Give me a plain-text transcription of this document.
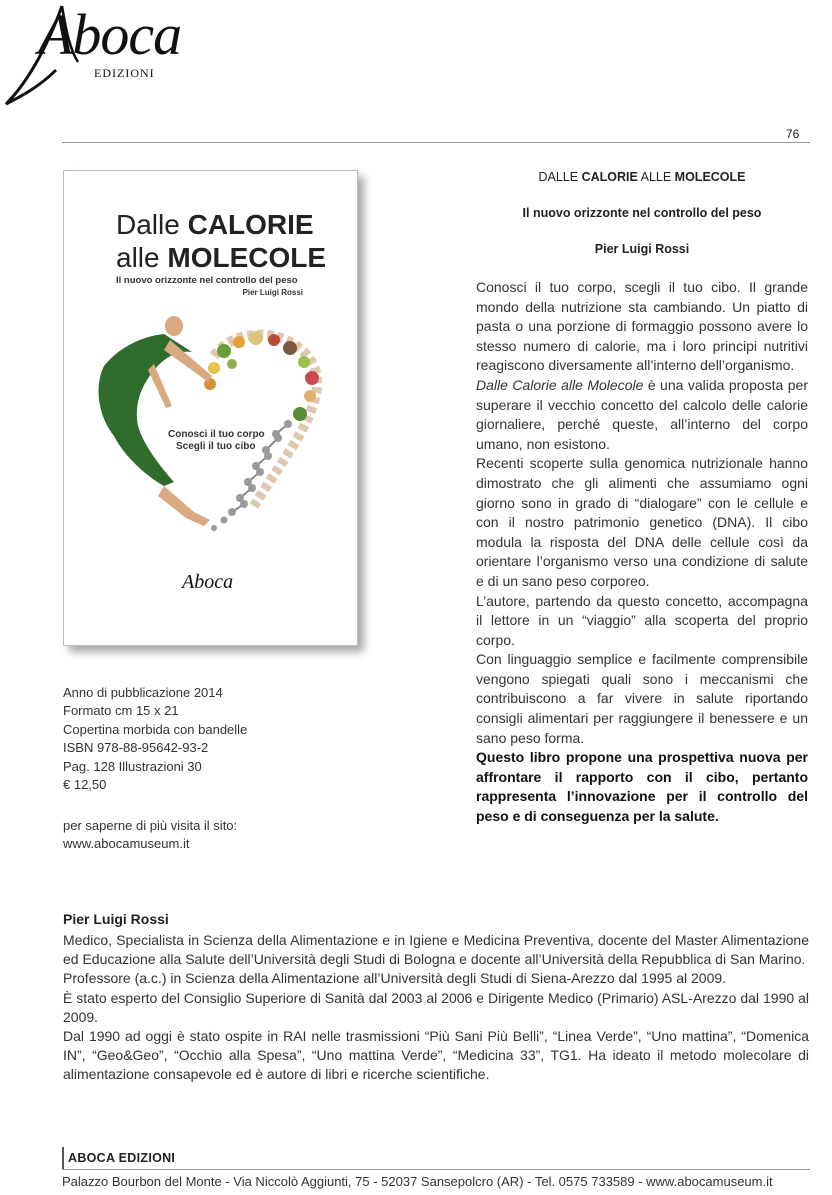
Aboca
EDIZIONI
76
Dalle CALORIE
alle MOLECOLE
Il nuovo orizzonte nel controllo del peso
Pier Luigi Rossi
Conosci il tuo corpo
Scegli il tuo cibo
Aboca
Anno di pubblicazione 2014
Formato cm 15 x 21
Copertina morbida con bandelle
ISBN 978-88-95642-93-2
Pag. 128 Illustrazioni 30
€ 12,50
per saperne di più visita il sito:
www.abocamuseum.it
DALLE CALORIE ALLE MOLECOLE
Il nuovo orizzonte nel controllo del peso
Pier Luigi Rossi

Conosci il tuo corpo, scegli il tuo cibo. Il grande mondo della nutrizione sta cambiando. Un piatto di pasta o una porzione di formaggio possono avere lo stesso numero di calorie, ma i loro principi nutritivi reagiscono diversamente all’interno dell’organismo.

Dalle Calorie alle Molecole è una valida proposta per superare il vecchio concetto del calcolo delle calorie giornaliere, perché queste, all’interno del corpo umano, non esistono.

Recenti scoperte sulla genomica nutrizionale hanno dimostrato che gli alimenti che assumiamo ogni giorno sono in grado di “dialogare” con le cellule e con il nostro patrimonio genetico (DNA). Il cibo modula la risposta del DNA delle cellule così da orientare l’organismo verso una condizione di salute e di un sano peso corporeo.

L’autore, partendo da questo concetto, accompagna il lettore in un “viaggio” alla scoperta del proprio corpo.

Con linguaggio semplice e facilmente comprensibile vengono spiegati quali sono i meccanismi che contribuiscono a far vivere in salute riportando consigli alimentari per raggiungere il benessere e un sano peso forma.

Questo libro propone una prospettiva nuova per affrontare il rapporto con il cibo, pertanto rappresenta l’innovazione per il controllo del peso e di conseguenza per la salute.

Pier Luigi Rossi

Medico, Specialista in Scienza della Alimentazione e in Igiene e Medicina Preventiva, docente del Master Alimentazione ed Educazione alla Salute dell’Università degli Studi di Bologna e docente all’Università della Repubblica di San Marino.

Professore (a.c.) in Scienza della Alimentazione all’Università degli Studi di Siena-Arezzo dal 1995 al 2009.

È stato esperto del Consiglio Superiore di Sanità dal 2003 al 2006 e Dirigente Medico (Primario) ASL-Arezzo dal 1990 al 2009.

Dal 1990 ad oggi è stato ospite in RAI nelle trasmissioni “Più Sani Più Belli”, “Linea Verde”, “Uno mattina”, “Domenica IN”, “Geo&Geo”, “Occhio alla Spesa”, “Uno mattina Verde”, “Medicina 33”, TG1. Ha ideato il metodo molecolare di alimentazione consapevole ed è autore di libri e ricerche scientifiche.

ABOCA EDIZIONI
Palazzo Bourbon del Monte - Via Niccolò Aggiunti, 75 - 52037 Sansepolcro (AR) - Tel. 0575 733589 - www.abocamuseum.it
